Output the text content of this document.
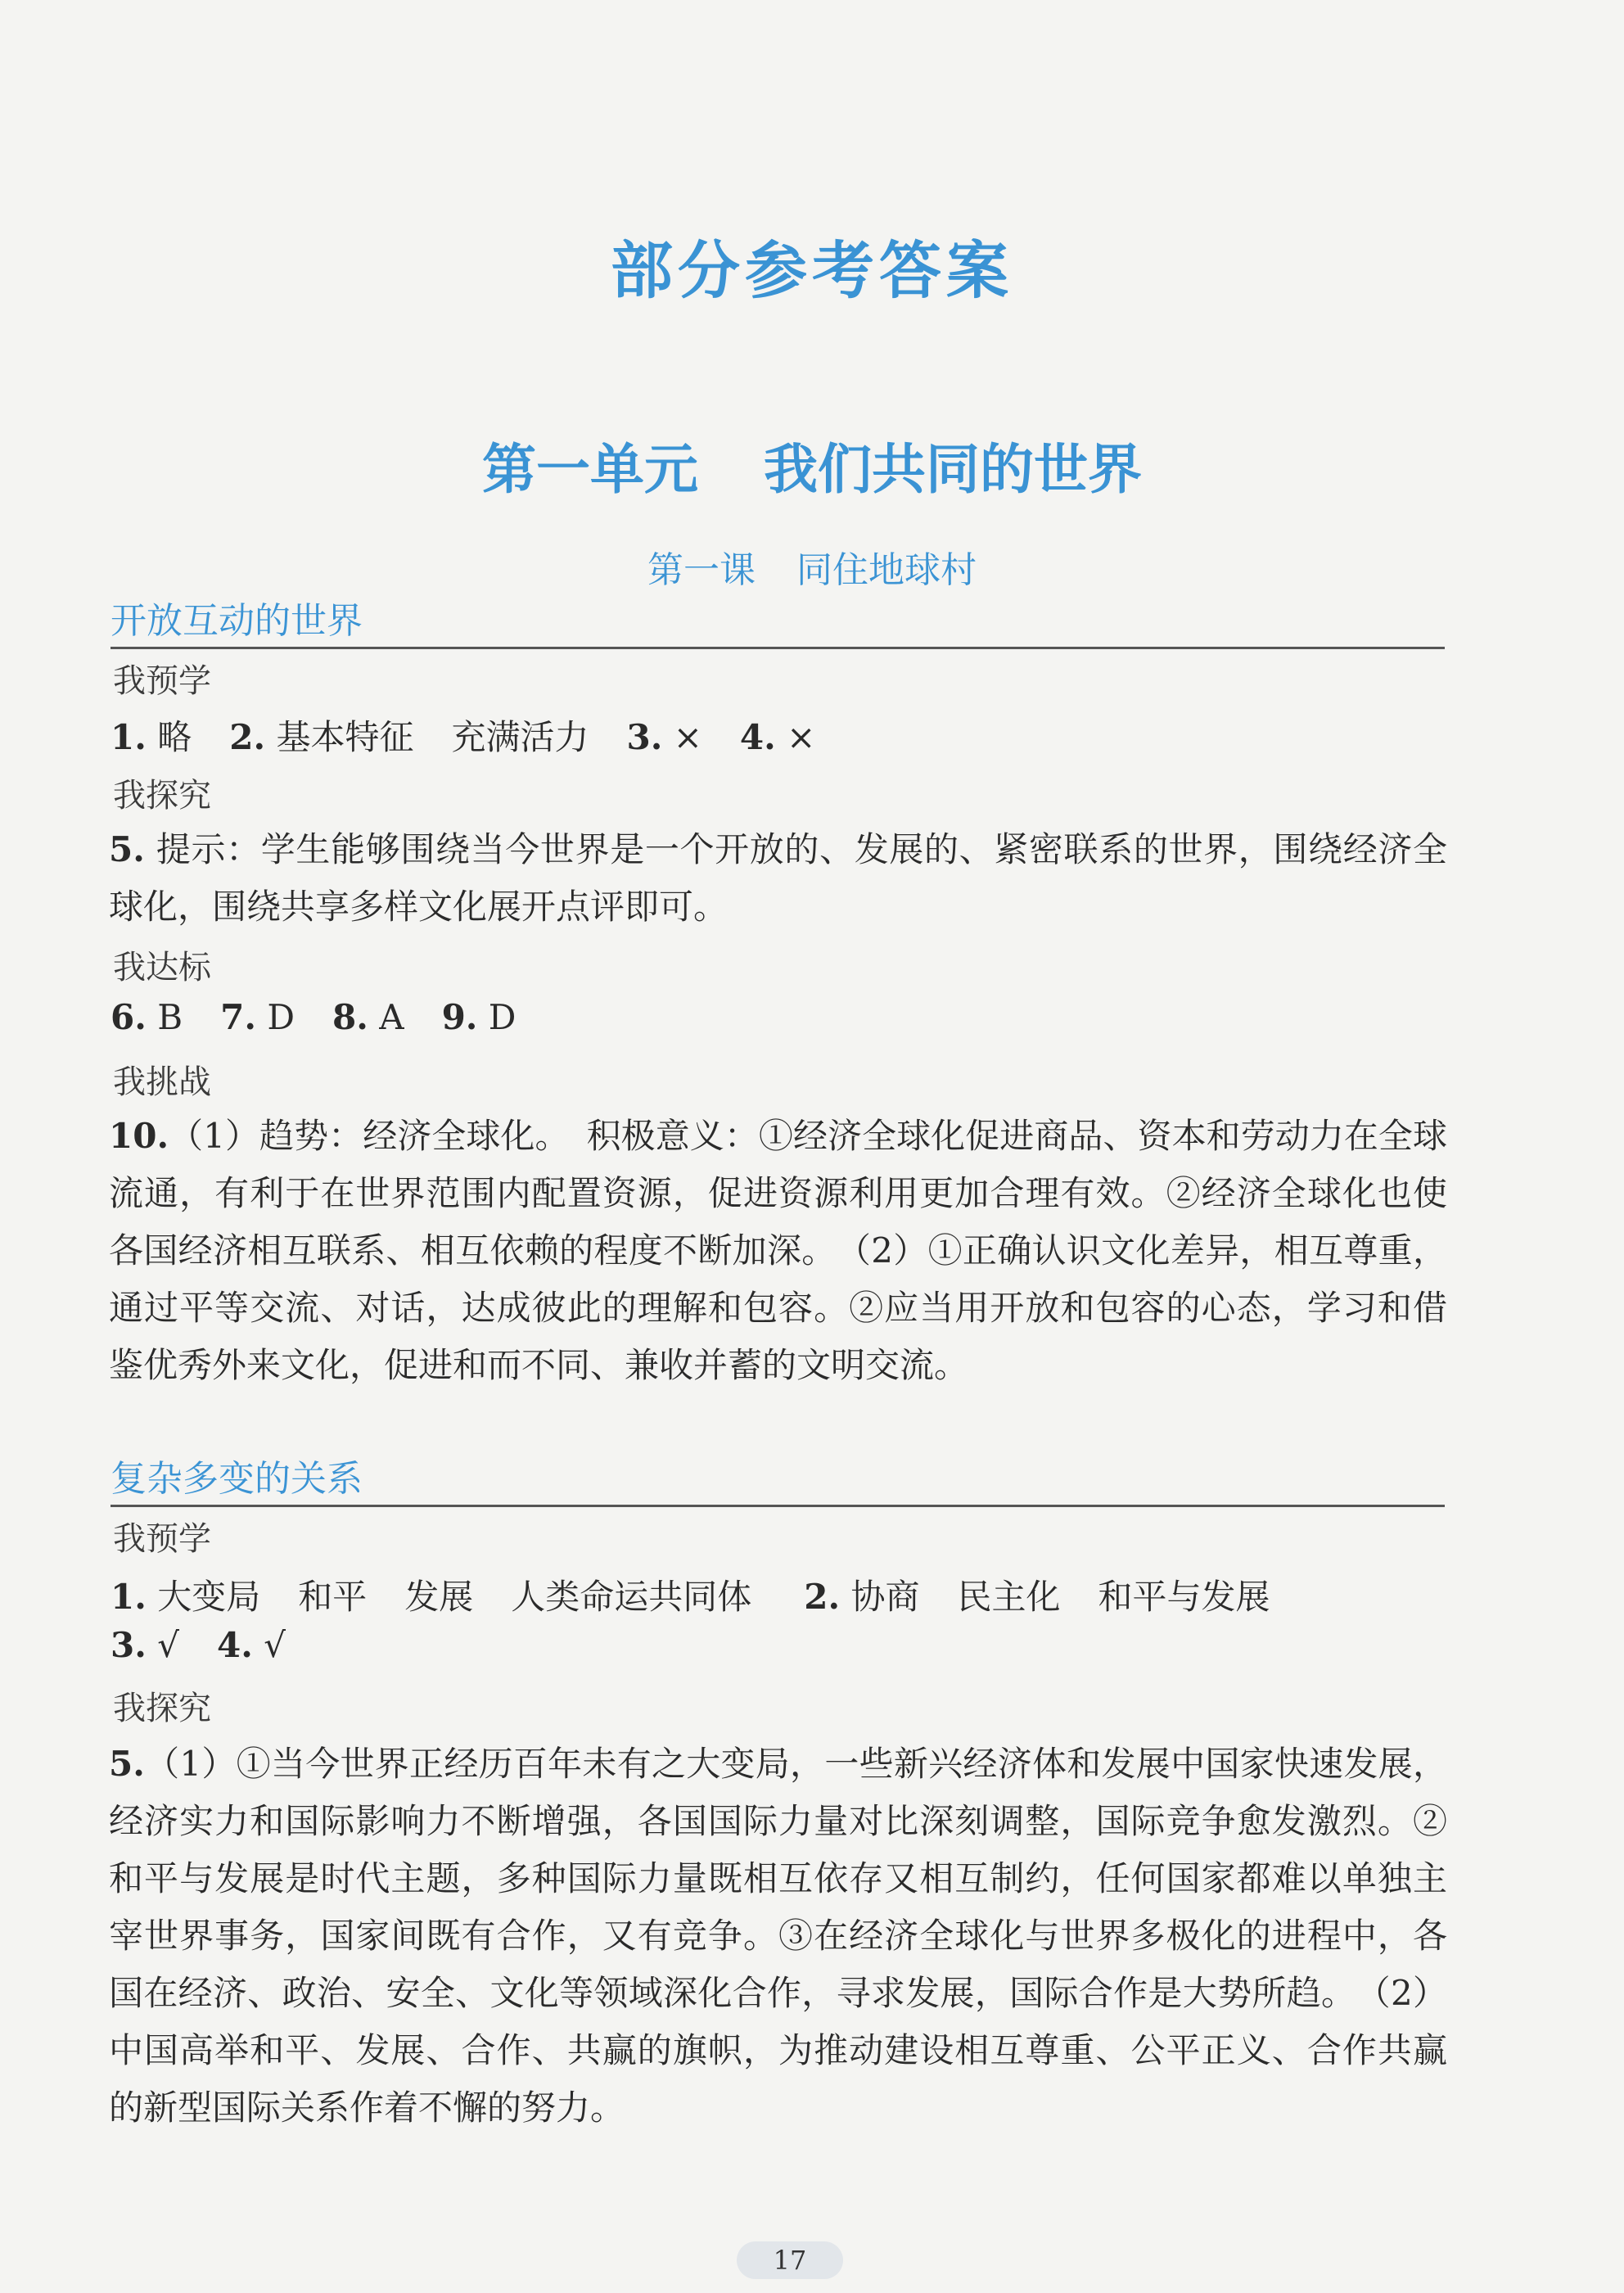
部分参考答案
第一单元 我们共同的世界
第一课 同住地球村
开放互动的世界
我预学
1. 略 2. 基本特征 充满活力 3. × 4. ×
我探究
5. 提示：学生能够围绕当今世界是一个开放的、发展的、紧密联系的世界，围绕经济全球化，围绕共享多样文化展开点评即可。
我达标
6. B 7. D 8. A 9. D
我挑战
10.（1）趋势：经济全球化。　积极意义：①经济全球化促进商品、资本和劳动力在全球流通，有利于在世界范围内配置资源，促进资源利用更加合理有效。②经济全球化也使各国经济相互联系、相互依赖的程度不断加深。　（2）①正确认识文化差异，相互尊重，通过平等交流、对话，达成彼此的理解和包容。②应当用开放和包容的心态，学习和借鉴优秀外来文化，促进和而不同、兼收并蓄的文明交流。
复杂多变的关系
我预学
1. 大变局 和平 发展 人类命运共同体 2. 协商 民主化 和平与发展
3. √ 4. √
我探究
5.（1）①当今世界正经历百年未有之大变局，一些新兴经济体和发展中国家快速发展，经济实力和国际影响力不断增强，各国国际力量对比深刻调整，国际竞争愈发激烈。②和平与发展是时代主题，多种国际力量既相互依存又相互制约，任何国家都难以单独主宰世界事务，国家间既有合作，又有竞争。③在经济全球化与世界多极化的进程中，各国在经济、政治、安全、文化等领域深化合作，寻求发展，国际合作是大势所趋。　（2）中国高举和平、发展、合作、共赢的旗帜，为推动建设相互尊重、公平正义、合作共赢的新型国际关系作着不懈的努力。
17
